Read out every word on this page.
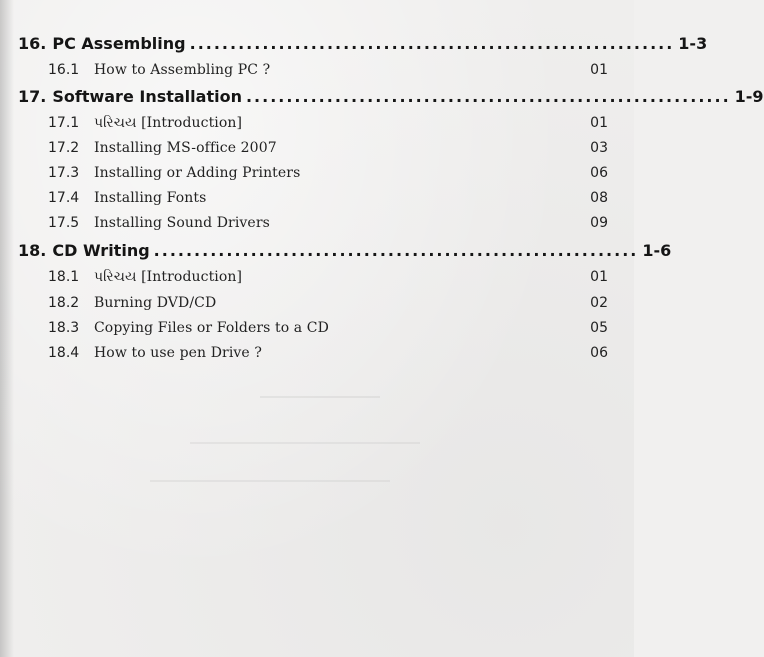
16. PC Assembling ............................................................ 1-3
16.1	How to Assembling PC ?	01
17. Software Installation ............................................................ 1-9
17.1	પરિચય [Introduction]	01
17.2	Installing MS-office 2007	03
17.3	Installing or Adding Printers	06
17.4	Installing Fonts	08
17.5	Installing Sound Drivers	09
18. CD Writing ............................................................ 1-6
18.1	પરિચય [Introduction]	01
18.2	Burning DVD/CD	02
18.3	Copying Files or Folders to a CD	05
18.4	How to use pen Drive ?	06
